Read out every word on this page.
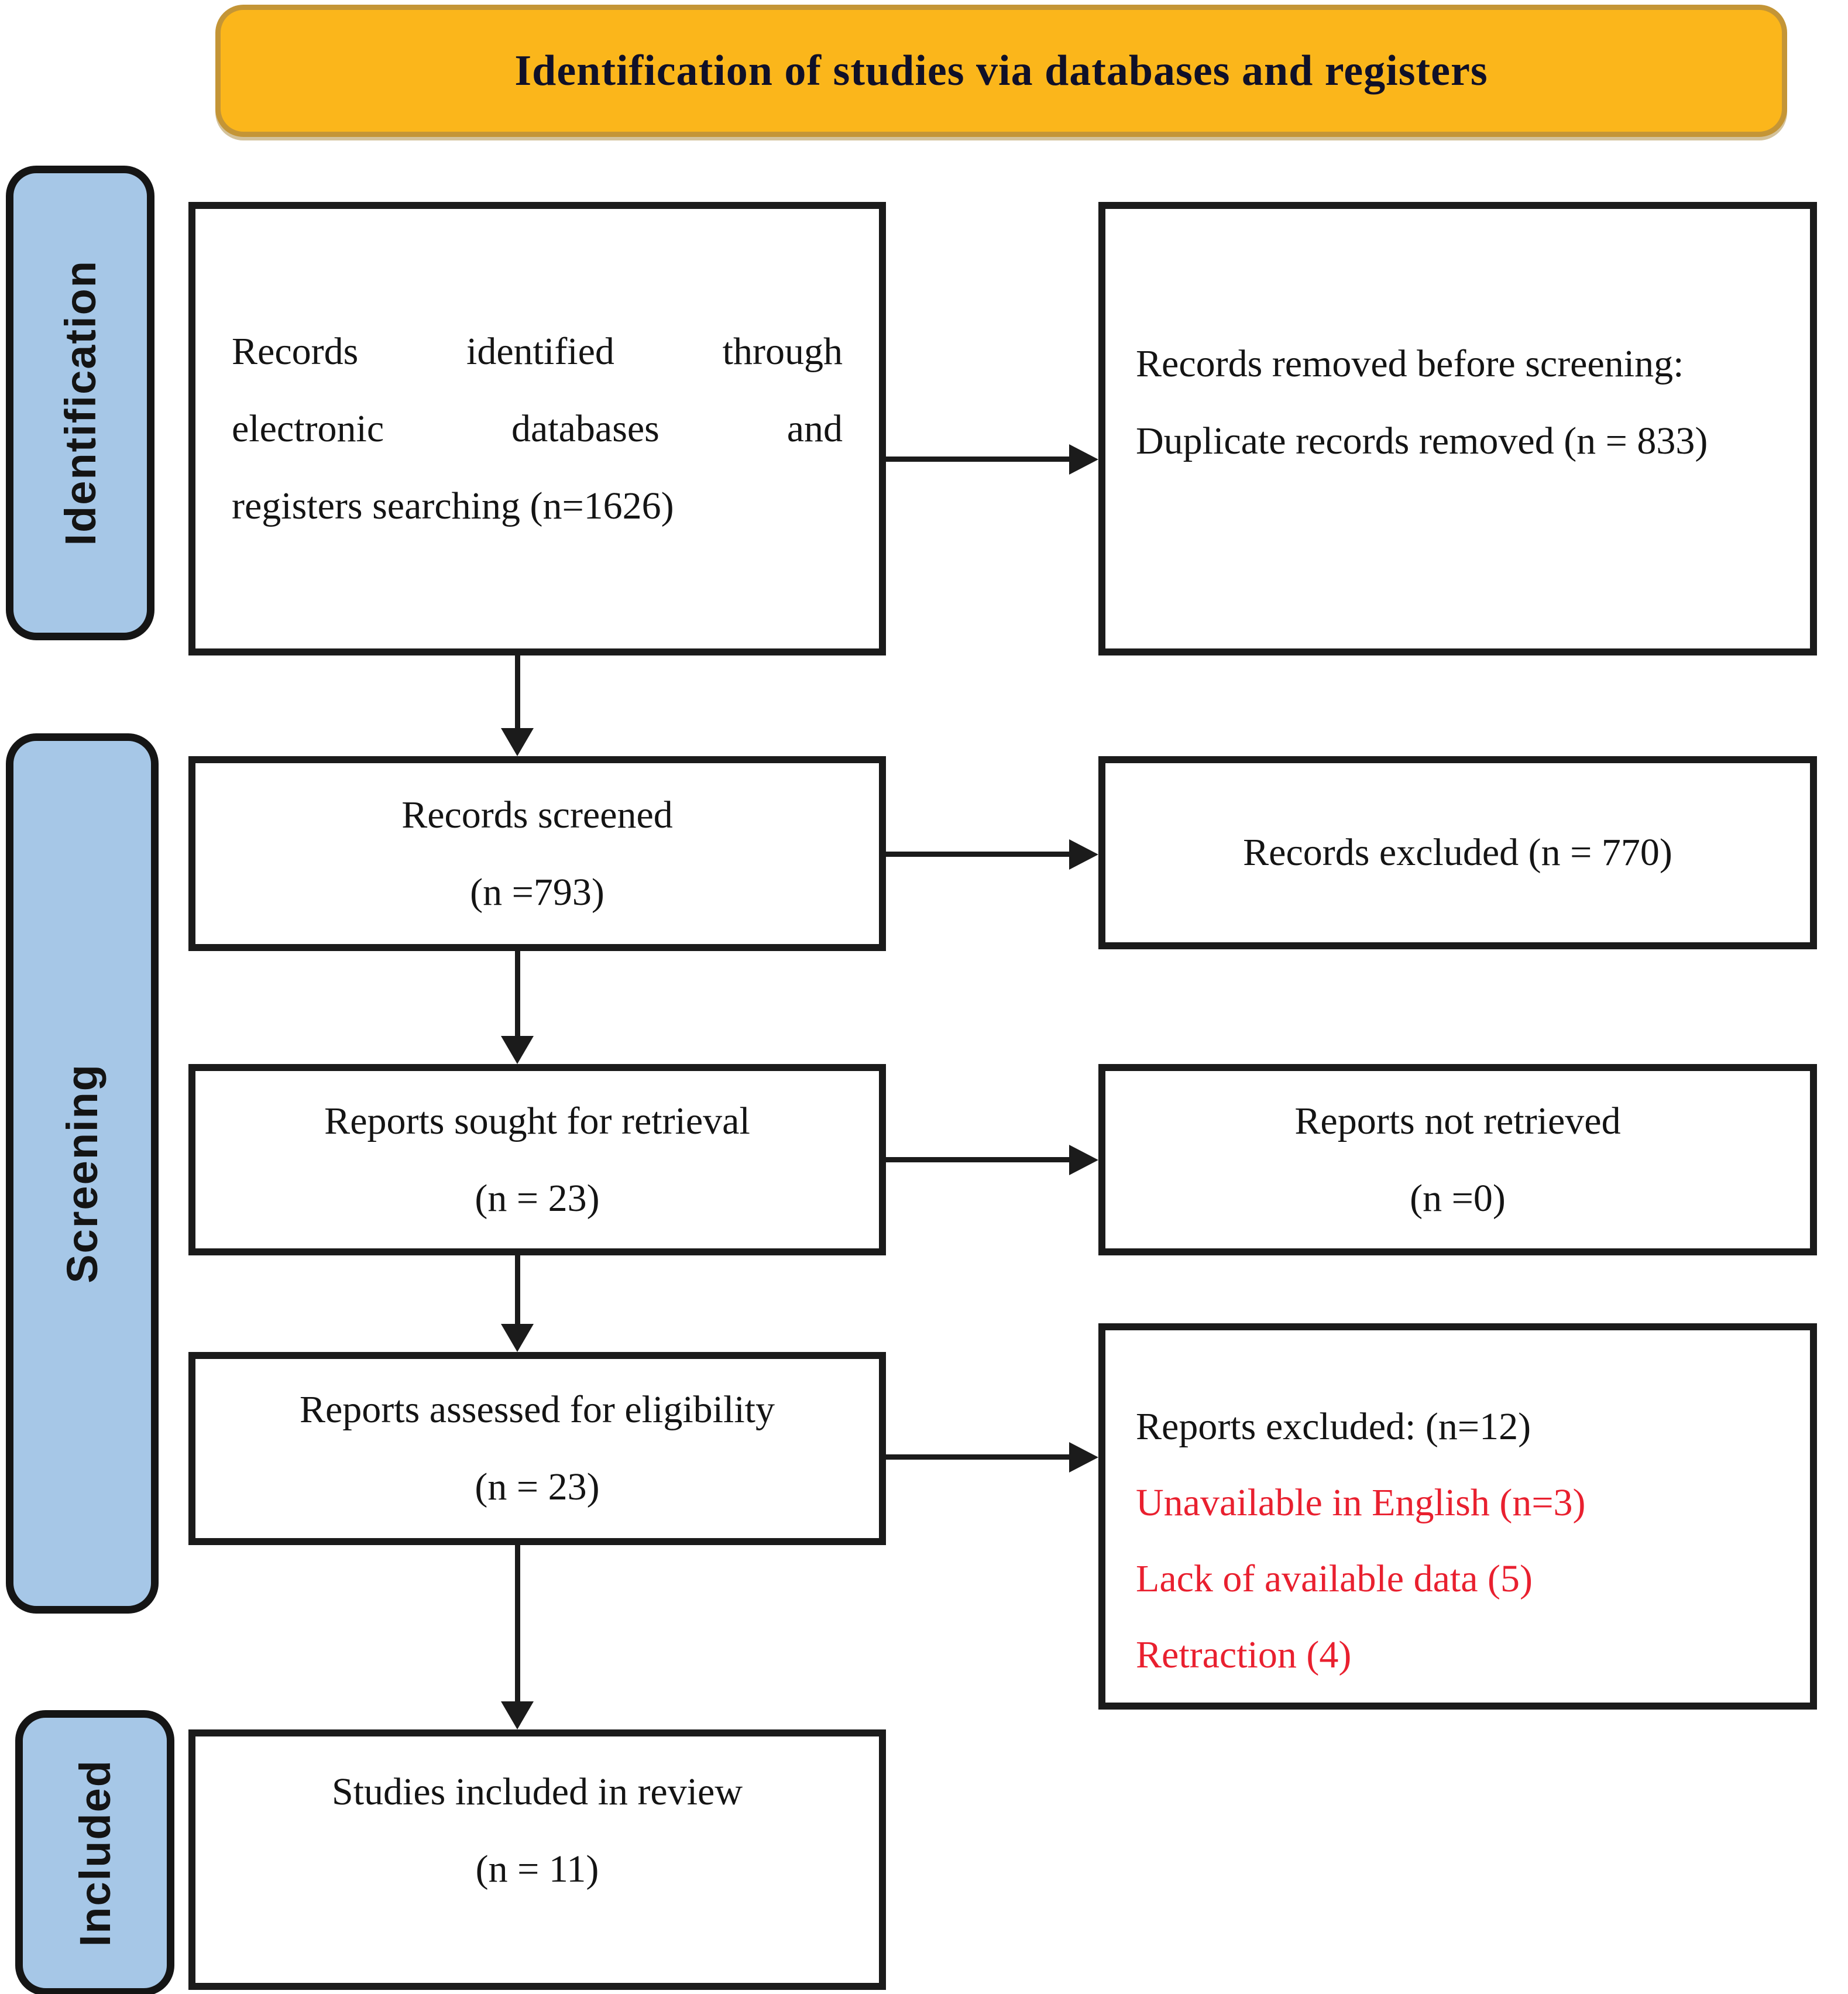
Identification of studies via databases and registers
Identification
Screening
Included
Records	identified	through
electronic	databases	and
registers searching (n=1626)
Records removed before screening:
Duplicate records removed (n = 833)
Records screened
(n =793)
Records excluded (n = 770)
Reports sought for retrieval
(n = 23)
Reports not retrieved
(n =0)
Reports assessed for eligibility
(n = 23)
Reports excluded: (n=12)
Unavailable in English (n=3)
Lack of available data (5)
Retraction (4)
Studies included in review
(n = 11)
